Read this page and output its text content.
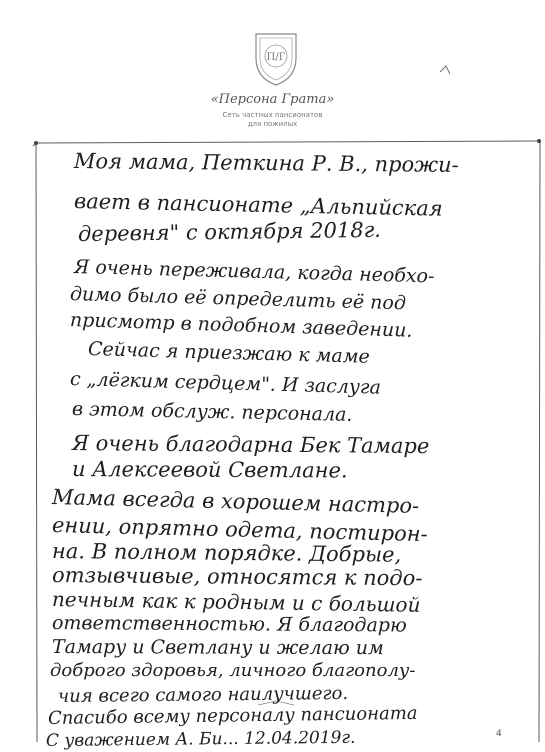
П/Г
«Персона Грата»
Сеть частных пансионатов
для пожилых
4
Моя мама, Петкина Р. В., прожи-
вает в пансионате „Альпийская
деревня" с октября 2018г.
Я очень переживала, когда необхо-
димо было её определить её под
присмотр в подобном заведении.
Сейчас я приезжаю к маме
с „лёгким сердцем". И заслуга
в этом обслуж. персонала.
Я очень благодарна Бек Тамаре
и Алексеевой Светлане.
Мама всегда в хорошем настро-
ении, опрятно одета, постирон-
на. В полном порядке. Добрые,
отзывчивые, относятся к подо-
печным как к родным и с большой
ответственностью. Я благодарю
Тамару и Светлану и желаю им
доброго здоровья, личного благополу-
чия всего самого наилучшего.
Спасибо всему персоналу пансионата
С уважением А. Би... 12.04.2019г.
